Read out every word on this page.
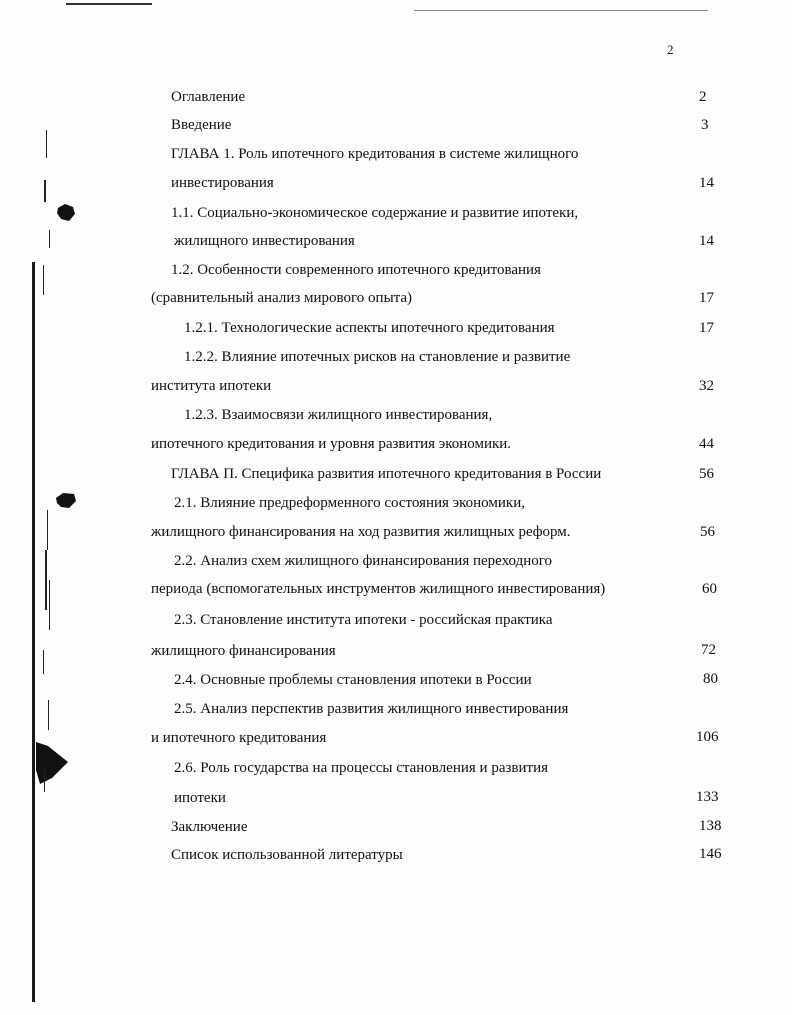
2
Оглавление	2
Введение	3
ГЛАВА 1. Роль ипотечного кредитования в системе жилищного
инвестирования	14
1.1. Социально-экономическое содержание и развитие ипотеки,
жилищного инвестирования	14
1.2. Особенности современного ипотечного кредитования
(сравнительный анализ мирового опыта)	17
1.2.1. Технологические аспекты ипотечного кредитования	17
1.2.2. Влияние ипотечных рисков на становление и развитие
института ипотеки	32
1.2.3. Взаимосвязи жилищного инвестирования,
ипотечного кредитования и уровня развития экономики.	44
ГЛАВА П. Специфика развития ипотечного кредитования в России	56
2.1. Влияние предреформенного состояния экономики,
жилищного финансирования на ход развития жилищных реформ.	56
2.2. Анализ схем жилищного финансирования переходного
периода (вспомогательных инструментов жилищного инвестирования)	60
2.3. Становление института ипотеки - российская практика
жилищного финансирования	72
2.4. Основные проблемы становления ипотеки в России	80
2.5. Анализ перспектив развития жилищного инвестирования
и ипотечного кредитования	106
2.6. Роль государства на процессы становления и развития
ипотеки	133
Заключение	138
Список использованной литературы	146
